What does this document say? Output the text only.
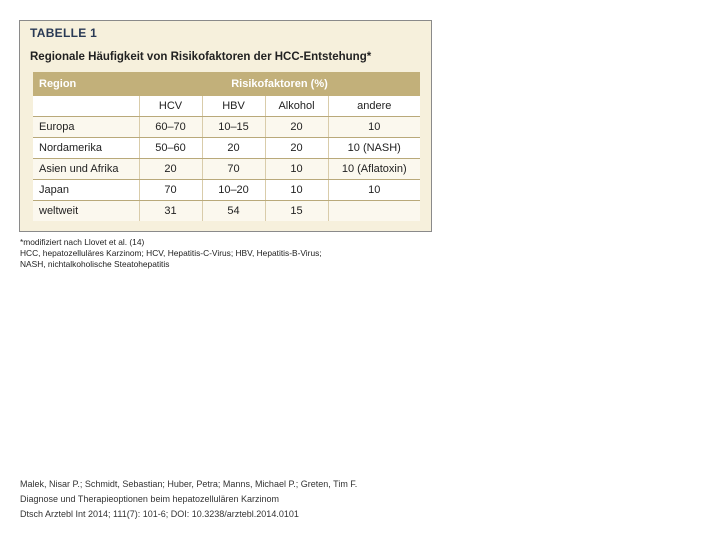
TABELLE 1
Regionale Häufigkeit von Risikofaktoren der HCC-Entstehung*
Region	Risikofaktoren (%)			
	HCV	HBV	Alkohol	andere
Europa	60–70	10–15	20	10
Nordamerika	50–60	20	20	10 (NASH)
Asien und Afrika	20	70	10	10 (Aflatoxin)
Japan	70	10–20	10	10
weltweit	31	54	15	
*modifiziert nach Llovet et al. (14)
HCC, hepatozelluläres Karzinom; HCV, Hepatitis-C-Virus; HBV, Hepatitis-B-Virus;
NASH, nichtalkoholische Steatohepatitis
Malek, Nisar P.; Schmidt, Sebastian; Huber, Petra; Manns, Michael P.; Greten, Tim F.
Diagnose und Therapieoptionen beim hepatozellulären Karzinom
Dtsch Arztebl Int 2014; 111(7): 101-6; DOI: 10.3238/arztebl.2014.0101
